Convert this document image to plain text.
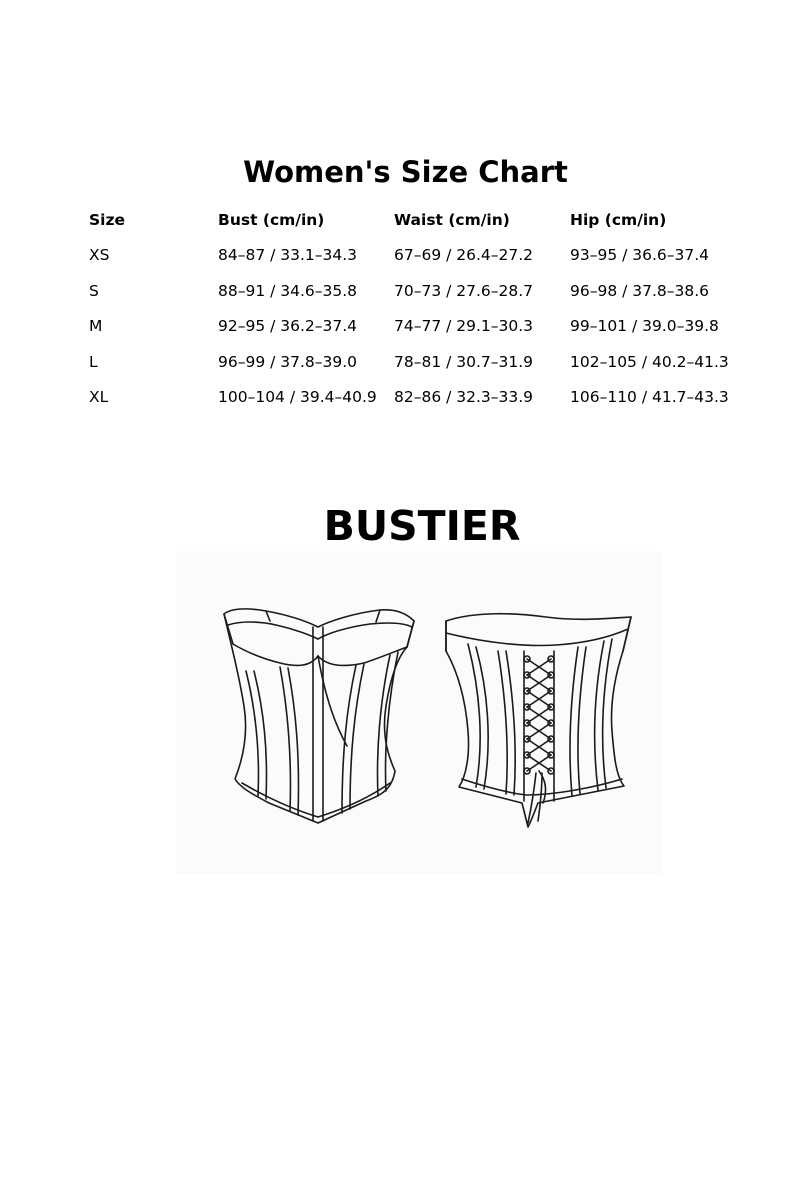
Women's Size Chart
Size	Bust (cm/in)	Waist (cm/in)	Hip (cm/in)
XS	84–87 / 33.1–34.3	67–69 / 26.4–27.2	93–95 / 36.6–37.4
S	88–91 / 34.6–35.8	70–73 / 27.6–28.7	96–98 / 37.8–38.6
M	92–95 / 36.2–37.4	74–77 / 29.1–30.3	99–101 / 39.0–39.8
L	96–99 / 37.8–39.0	78–81 / 30.7–31.9	102–105 / 40.2–41.3
XL	100–104 / 39.4–40.9	82–86 / 32.3–33.9	106–110 / 41.7–43.3
BUSTIER
